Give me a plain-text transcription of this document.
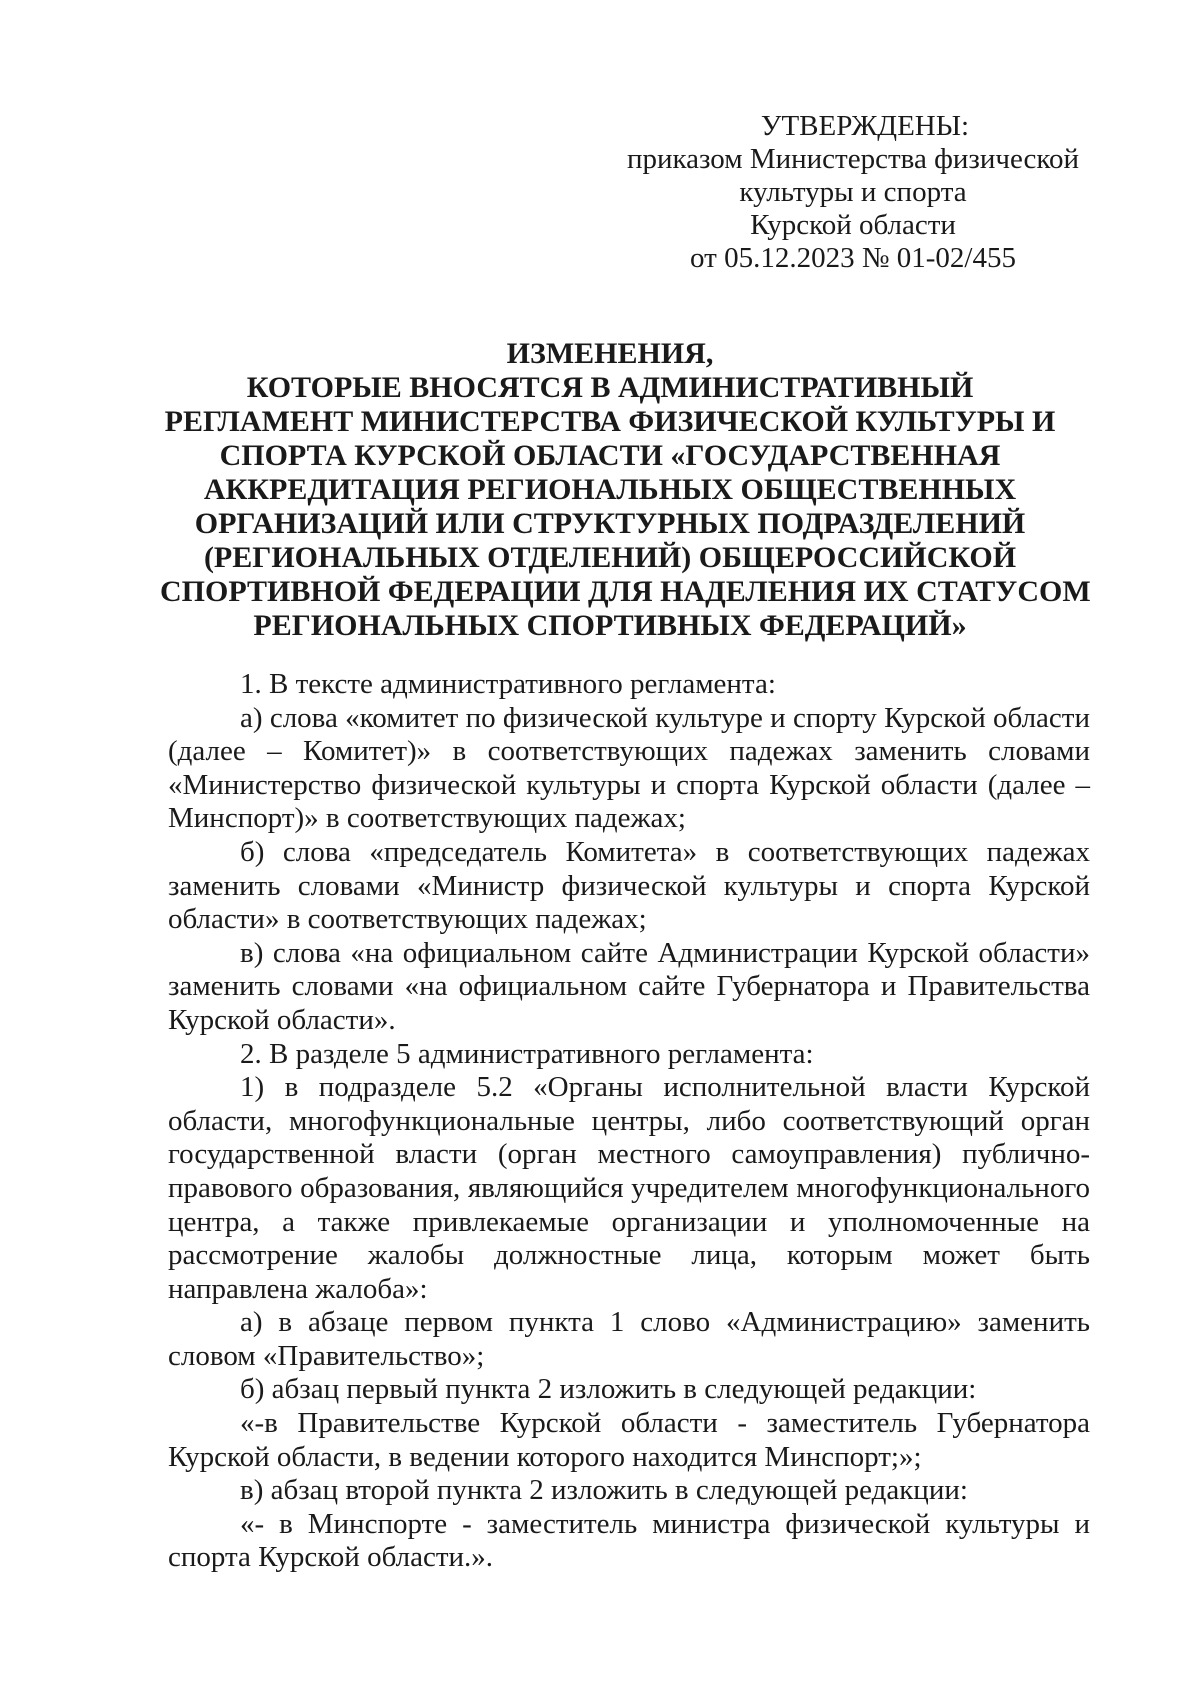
УТВЕРЖДЕНЫ:
приказом Министерства физической
культуры и спорта
Курской области
от 05.12.2023 № 01-02/455
ИЗМЕНЕНИЯ,
КОТОРЫЕ ВНОСЯТСЯ В АДМИНИСТРАТИВНЫЙ
РЕГЛАМЕНТ МИНИСТЕРСТВА ФИЗИЧЕСКОЙ КУЛЬТУРЫ И
СПОРТА КУРСКОЙ ОБЛАСТИ «ГОСУДАРСТВЕННАЯ
АККРЕДИТАЦИЯ РЕГИОНАЛЬНЫХ ОБЩЕСТВЕННЫХ
ОРГАНИЗАЦИЙ ИЛИ СТРУКТУРНЫХ ПОДРАЗДЕЛЕНИЙ
(РЕГИОНАЛЬНЫХ ОТДЕЛЕНИЙ) ОБЩЕРОССИЙСКОЙ
СПОРТИВНОЙ ФЕДЕРАЦИИ ДЛЯ НАДЕЛЕНИЯ ИХ СТАТУСОМ
РЕГИОНАЛЬНЫХ СПОРТИВНЫХ ФЕДЕРАЦИЙ»

1. В тексте административного регламента:

а) слова «комитет по физической культуре и спорту Курской области (далее – Комитет)» в соответствующих падежах заменить словами «Министерство физической культуры и спорта Курской области (далее – Минспорт)» в соответствующих падежах;

б) слова «председатель Комитета» в соответствующих падежах заменить словами «Министр физической культуры и спорта Курской области» в соответствующих падежах;

в) слова «на официальном сайте Администрации Курской области» заменить словами «на официальном сайте Губернатора и Правительства Курской области».

2. В разделе 5 административного регламента:

1) в подразделе 5.2 «Органы исполнительной власти Курской области, многофункциональные центры, либо соответствующий орган государственной власти (орган местного самоуправления) публично-правового образования, являющийся учредителем многофункционального центра, а также привлекаемые организации и уполномоченные на рассмотрение жалобы должностные лица, которым может быть направлена жалоба»:

а) в абзаце первом пункта 1 слово «Администрацию» заменить словом «Правительство»;

б) абзац первый пункта 2 изложить в следующей редакции:

«-в Правительстве Курской области - заместитель Губернатора Курской области, в ведении которого находится Минспорт;»;

в) абзац второй пункта 2 изложить в следующей редакции:

«- в Минспорте - заместитель министра физической культуры и спорта Курской области.».
